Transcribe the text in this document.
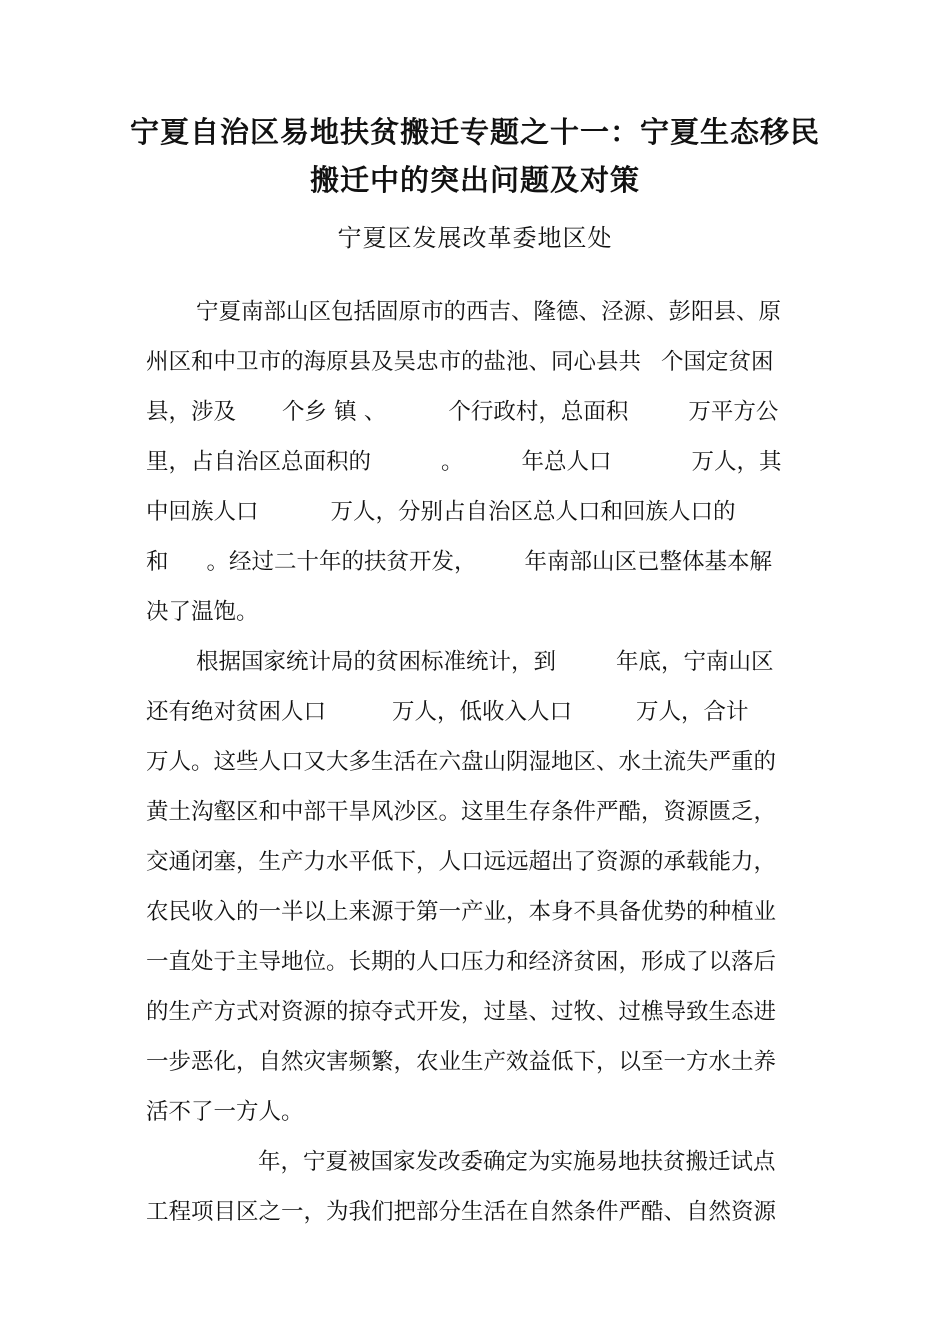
宁夏自治区易地扶贫搬迁专题之十一：宁夏生态移民
搬迁中的突出问题及对策
宁夏区发展改革委地区处
宁夏南部山区包括固原市的西吉、隆德、泾源、彭阳县、原
州区和中卫市的海原县及吴忠市的盐池、同心县共 个国定贫困
县，涉及 个乡 镇 、	个行政村，总面积	万平方公
里，占自治区总面积的	。	年总人口	万人，其
中回族人口	万人，分别占自治区总人口和回族人口的
和 。经过二十年的扶贫开发， 年南部山区已整体基本解
决了温饱。
根据国家统计局的贫困标准统计，到	年底，宁南山区
还有绝对贫困人口	万人，低收入人口	万人，合计
万人。这些人口又大多生活在六盘山阴湿地区、水土流失严重的
黄土沟壑区和中部干旱风沙区。这里生存条件严酷，资源匮乏，
交通闭塞，生产力水平低下，人口远远超出了资源的承载能力，
农民收入的一半以上来源于第一产业，本身不具备优势的种植业
一直处于主导地位。长期的人口压力和经济贫困，形成了以落后
的生产方式对资源的掠夺式开发，过垦、过牧、过樵导致生态进
一步恶化，自然灾害频繁，农业生产效益低下，以至一方水土养
活不了一方人。
年，宁夏被国家发改委确定为实施易地扶贫搬迁试点
工程项目区之一，为我们把部分生活在自然条件严酷、自然资源
